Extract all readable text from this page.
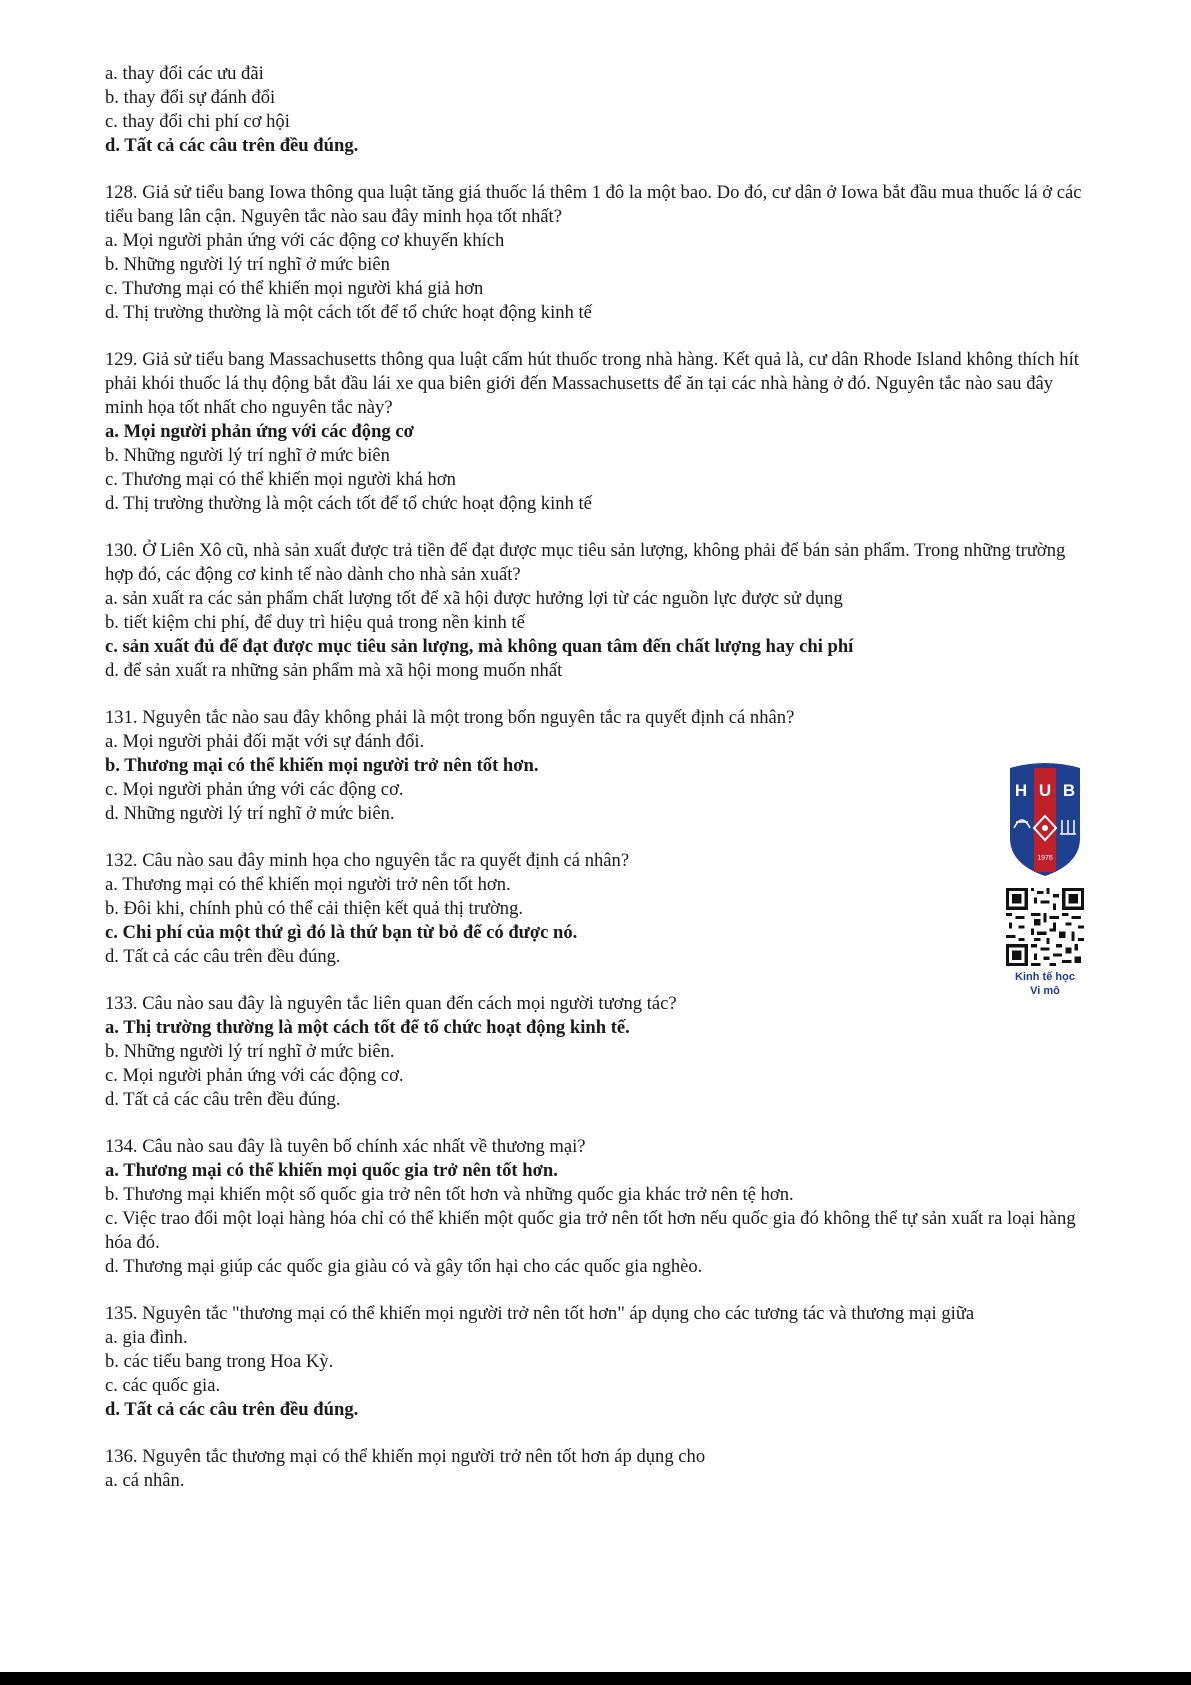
a. thay đổi các ưu đãi
b. thay đổi sự đánh đổi
c. thay đổi chi phí cơ hội
d. Tất cả các câu trên đều đúng.
128. Giả sử tiểu bang Iowa thông qua luật tăng giá thuốc lá thêm 1 đô la một bao. Do đó, cư dân ở Iowa bắt đầu mua thuốc lá ở các tiểu bang lân cận. Nguyên tắc nào sau đây minh họa tốt nhất?
a. Mọi người phản ứng với các động cơ khuyến khích
b. Những người lý trí nghĩ ở mức biên
c. Thương mại có thể khiến mọi người khá giả hơn
d. Thị trường thường là một cách tốt để tổ chức hoạt động kinh tế
129. Giả sử tiểu bang Massachusetts thông qua luật cấm hút thuốc trong nhà hàng. Kết quả là, cư dân Rhode Island không thích hít phải khói thuốc lá thụ động bắt đầu lái xe qua biên giới đến Massachusetts để ăn tại các nhà hàng ở đó. Nguyên tắc nào sau đây minh họa tốt nhất cho nguyên tắc này?
a. Mọi người phản ứng với các động cơ
b. Những người lý trí nghĩ ở mức biên
c. Thương mại có thể khiến mọi người khá hơn
d. Thị trường thường là một cách tốt để tổ chức hoạt động kinh tế
130. Ở Liên Xô cũ, nhà sản xuất được trả tiền để đạt được mục tiêu sản lượng, không phải để bán sản phẩm. Trong những trường hợp đó, các động cơ kinh tế nào dành cho nhà sản xuất?
a. sản xuất ra các sản phẩm chất lượng tốt để xã hội được hưởng lợi từ các nguồn lực được sử dụng
b. tiết kiệm chi phí, để duy trì hiệu quả trong nền kinh tế
c. sản xuất đủ để đạt được mục tiêu sản lượng, mà không quan tâm đến chất lượng hay chi phí
d. để sản xuất ra những sản phẩm mà xã hội mong muốn nhất
131. Nguyên tắc nào sau đây không phải là một trong bốn nguyên tắc ra quyết định cá nhân?
a. Mọi người phải đối mặt với sự đánh đổi.
b. Thương mại có thể khiến mọi người trở nên tốt hơn.
c. Mọi người phản ứng với các động cơ.
d. Những người lý trí nghĩ ở mức biên.
132. Câu nào sau đây minh họa cho nguyên tắc ra quyết định cá nhân?
a. Thương mại có thể khiến mọi người trở nên tốt hơn.
b. Đôi khi, chính phủ có thể cải thiện kết quả thị trường.
c. Chi phí của một thứ gì đó là thứ bạn từ bỏ để có được nó.
d. Tất cả các câu trên đều đúng.
133. Câu nào sau đây là nguyên tắc liên quan đến cách mọi người tương tác?
a. Thị trường thường là một cách tốt để tổ chức hoạt động kinh tế.
b. Những người lý trí nghĩ ở mức biên.
c. Mọi người phản ứng với các động cơ.
d. Tất cả các câu trên đều đúng.
134. Câu nào sau đây là tuyên bố chính xác nhất về thương mại?
a. Thương mại có thể khiến mọi quốc gia trở nên tốt hơn.
b. Thương mại khiến một số quốc gia trở nên tốt hơn và những quốc gia khác trở nên tệ hơn.
c. Việc trao đổi một loại hàng hóa chỉ có thể khiến một quốc gia trở nên tốt hơn nếu quốc gia đó không thể tự sản xuất ra loại hàng hóa đó.
d. Thương mại giúp các quốc gia giàu có và gây tổn hại cho các quốc gia nghèo.
135. Nguyên tắc "thương mại có thể khiến mọi người trở nên tốt hơn" áp dụng cho các tương tác và thương mại giữa
a. gia đình.
b. các tiểu bang trong Hoa Kỳ.
c. các quốc gia.
d. Tất cả các câu trên đều đúng.
136. Nguyên tắc thương mại có thể khiến mọi người trở nên tốt hơn áp dụng cho
a. cá nhân.
H U B
1976
Kinh tế học
Vi mô
